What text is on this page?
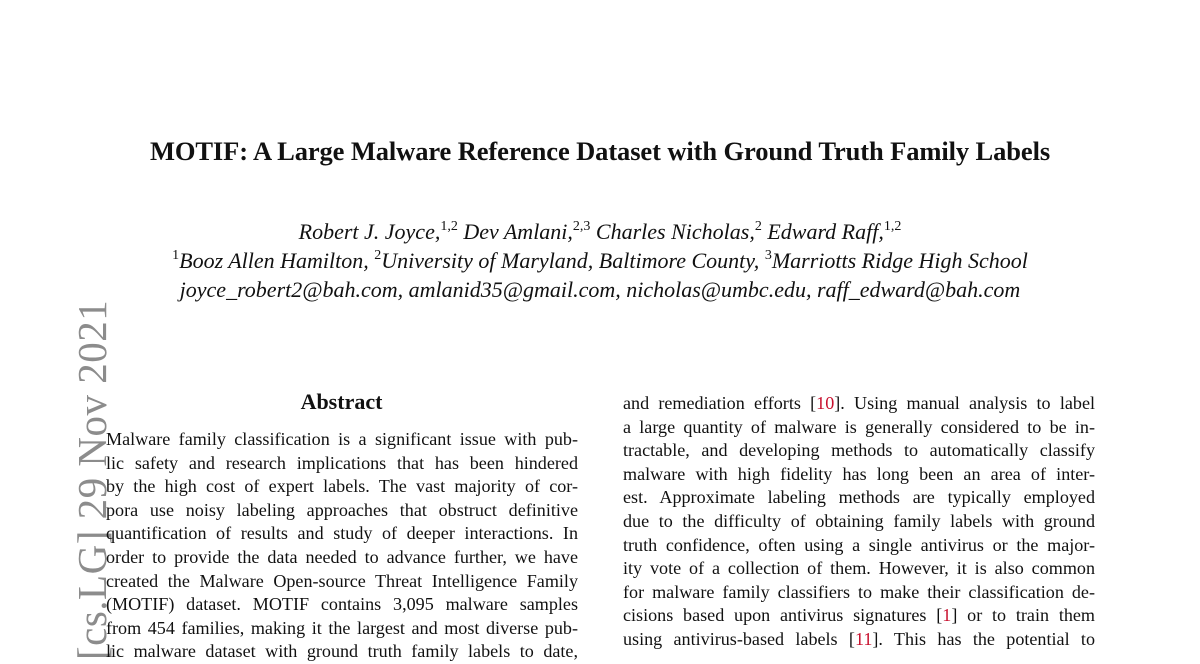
[cs.LG] 29 Nov 2021
MOTIF: A Large Malware Reference Dataset with Ground Truth Family Labels
Robert J. Joyce,$^{1,2}$ Dev Amlani,$^{2,3}$ Charles Nicholas,$^2$ Edward Raff,$^{1,2}$
$^1$Booz Allen Hamilton, $^2$University of Maryland, Baltimore County, $^3$Marriotts Ridge High School
joyce_robert2@bah.com, amlanid35@gmail.com, nicholas@umbc.edu, raff_edward@bah.com
Abstract
Malware family classification is a significant issue with pub-
lic safety and research implications that has been hindered
by the high cost of expert labels. The vast majority of cor-
pora use noisy labeling approaches that obstruct definitive
quantification of results and study of deeper interactions. In
order to provide the data needed to advance further, we have
created the Malware Open-source Threat Intelligence Family
(MOTIF) dataset. MOTIF contains 3,095 malware samples
from 454 families, making it the largest and most diverse pub-
lic malware dataset with ground truth family labels to date,
and remediation efforts [10]. Using manual analysis to label
a large quantity of malware is generally considered to be in-
tractable, and developing methods to automatically classify
malware with high fidelity has long been an area of inter-
est. Approximate labeling methods are typically employed
due to the difficulty of obtaining family labels with ground
truth confidence, often using a single antivirus or the major-
ity vote of a collection of them. However, it is also common
for malware family classifiers to make their classification de-
cisions based upon antivirus signatures [1] or to train them
using antivirus-based labels [11]. This has the potential to
